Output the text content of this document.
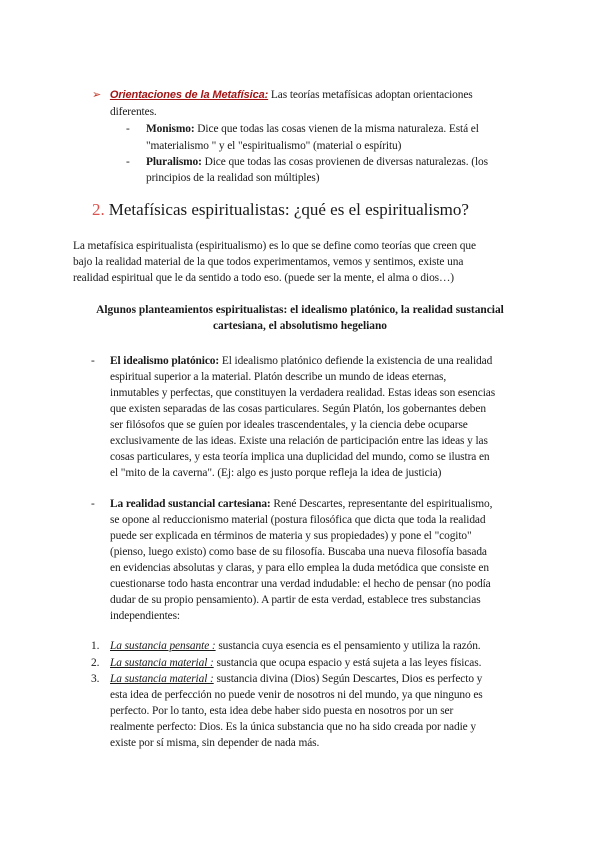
➢ Orientaciones de la Metafísica: Las teorías metafísicas adoptan orientaciones
diferentes.
- Monismo: Dice que todas las cosas vienen de la misma naturaleza. Está el
"materialismo " y el "espiritualismo" (material o espíritu)
- Pluralismo: Dice que todas las cosas provienen de diversas naturalezas. (los
principios de la realidad son múltiples)
2. Metafísicas espiritualistas: ¿qué es el espiritualismo?
La metafísica espiritualista (espiritualismo) es lo que se define como teorías que creen que
bajo la realidad material de la que todos experimentamos, vemos y sentimos, existe una
realidad espiritual que le da sentido a todo eso. (puede ser la mente, el alma o dios…)
Algunos planteamientos espiritualistas: el idealismo platónico, la realidad sustancial
cartesiana, el absolutismo hegeliano
- El idealismo platónico: El idealismo platónico defiende la existencia de una realidad
espiritual superior a la material. Platón describe un mundo de ideas eternas,
inmutables y perfectas, que constituyen la verdadera realidad. Estas ideas son esencias
que existen separadas de las cosas particulares. Según Platón, los gobernantes deben
ser filósofos que se guíen por ideales trascendentales, y la ciencia debe ocuparse
exclusivamente de las ideas. Existe una relación de participación entre las ideas y las
cosas particulares, y esta teoría implica una duplicidad del mundo, como se ilustra en
el "mito de la caverna". (Ej: algo es justo porque refleja la idea de justicia)
- La realidad sustancial cartesiana: René Descartes, representante del espiritualismo,
se opone al reduccionismo material (postura filosófica que dicta que toda la realidad
puede ser explicada en términos de materia y sus propiedades) y pone el "cogito"
(pienso, luego existo) como base de su filosofía. Buscaba una nueva filosofía basada
en evidencias absolutas y claras, y para ello emplea la duda metódica que consiste en
cuestionarse todo hasta encontrar una verdad indudable: el hecho de pensar (no podía
dudar de su propio pensamiento). A partir de esta verdad, establece tres substancias
independientes:
1. La sustancia pensante : sustancia cuya esencia es el pensamiento y utiliza la razón.
2. La sustancia material : sustancia que ocupa espacio y está sujeta a las leyes físicas.
3. La sustancia material : sustancia divina (Dios) Según Descartes, Dios es perfecto y
esta idea de perfección no puede venir de nosotros ni del mundo, ya que ninguno es
perfecto. Por lo tanto, esta idea debe haber sido puesta en nosotros por un ser
realmente perfecto: Dios. Es la única substancia que no ha sido creada por nadie y
existe por sí misma, sin depender de nada más.
